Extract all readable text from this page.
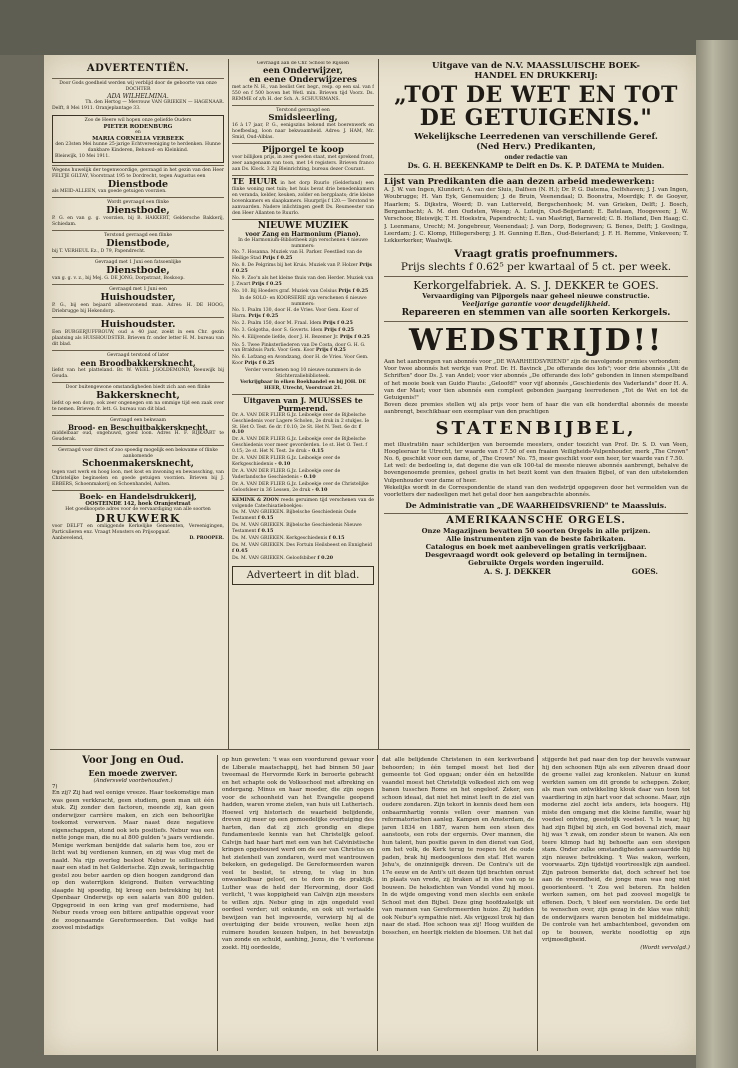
ADVERTENTIËN.
Door Gods goedheid werden wij verblijd door de geboorte van onze DOCHTER
ADA WILHELMINA.
Th. den Hertog — Mevrouw VAN GRIEKEN — HAGENAAR.
Delft, 8 Mei 1911. Oranjeplantage 33.
Zoo de Heere wil hopen onze geliefde Ouders
PIETER RODENBURG
en
MARIA CORNELIA VERBEEK
den 23sten Mei hunne 25-jarige Echtvereeniging te herdenken. Hunne dankbare Kinderen, Behuwd- en Kleinkind.
Bleiswijk, 10 Mei 1911.
Wegens huwelijk der tegenwoordige, gevraagd in het gezin van den Heer FELTJE GILTAY, Voorstraat 195 te Dordrecht, tegen Augustus een
Dienstbode
als MEID-ALLEEN, van goede getuigen voorzien.
Wordt gevraagd een flinke
Dienstbode,
P. G. en van g. g. voorzien, bij B. HAKKERT, Geldersche Bakkerij, Schiedam.
Terstond gevraagd een flinke
Dienstbode,
bij T. VERHEUL Ez., D 79, Papendrecht.
Gevraagd met 1 Juni een fatsoenlijke
Dienstbode,
van g. g. v. z., bij Mej. G. DE JONG, Dorpstraat, Boskoop.
Gevraagd met 1 Juni een
Huishoudster,
P. G., bij een bejaard alleenwonend man. Adres: H. DE HOOG, Driebrugge bij Hekendorp.
Huishoudster.
Een BURGERJUFFROUW, oud ± 40 jaar, zoekt in een Chr. gezin plaatsing als HUISHOUDSTER. Brieven fr. onder letter H. M. bureau van dit blad.
Gevraagd terstond of later
een Broodbakkersknecht,
liefst van het platteland. Br. W. WEEL J.GOLDEMOND, Reeuwijk bij Gouda.
Door buitengewone omstandigheden biedt zich aan een flinke
Bakkersknecht,
liefst op een dorp, ook zeer ongenegen om na ommige tijd een zaak over te nemen. Brieven fr. lett. G. bureau van dit blad.
Gevraagd een bekwaam
Brood- en Beschuitbakkersknecht,
middelbaar oud, ongehuwd, goed loon. Adres H. F. RIJKAART te Gouderak.
Gevraagd voor direct of zoo spoedig mogelijk een bekwame of flinke aankomende
Schoenmakersknecht,
tegen vast werk en hoog loon, met kost en inwoning en bewassching, van Christelijke beginselen en goede getuigen voorzien. Brieven bij J. EBBERS, Schoenmakerij en Schoenhandel, Aalten.
Boek- en Handelsdrukkerij,
OOSTEINDE 142, hoek Oranjestraat
Het goedkoopste adres voor de vervaardiging van alle soorten
DRUKWERK
voor DELFT en omliggende Kerkelijke Gemeenten, Vereenigingen, Particulieren enz. Vraagt Monsters en Prijsopgaaf.
Aanbevelend,	D. PROOPER.
Gevraagd aan de Chr. School te Rijssen
een Onderwijzer,
en eene Onderwijzeres
met acte N. H., van beslist Ger. begr., resp. op een sal. van f 550 en f 500 boven het Wetl. min. Brieven tijd Voorz. Ds. REMME of z/h H. der Sch. A. SCHUURMANS.
Terstond gevraagd een
Smidsleerling,
16 à 17 jaar, P. G., eenigszins bekend met boerenwerk en hoefbeslag, loon naar bekwaamheid. Adres: J. HAM, Mr. Smid, Oud-Alblas.
Pijporgel te koop
voor billijken prijs, in zeer goeden staat, met sprekend front, zeer aangenaam van toon, met 14 registers. Brieven franco aan Ds. Klock. 3 Zij Bleinrichting, bureau dezer Courant.
TE HUUR in het dorp Ruurlo (Gelderland) een flinke woning met tuin; het huis bevat drie benedenkamers en veranda, kelder, keuken, zolder en bergplaats; drie kleine bovenkamers en slaapkamers. Huurprijs f 120.— Terstond te aanvaarden. Nadere inlichtingen geeft Ds. Reumeester van den Heer Allanten te Ruurlo.
NIEUWE MUZIEK
voor Zang en Harmonium (Piano).
In de Harmonium-Bibliotheek zijn verschenen 4 nieuwe nummers:
No. 7. Hosanna. Muziek van H. Parker. Feestlied van de Heilige Stad Prijs f 0.25
No. 8. De Pelgrims bij het Kruis. Muziek van P. Holzer Prijs f 0.25
No. 9. Zoo'n als het kleine thuis van den Herder. Muziek van J. Zwart Prijs f 0.25
No. 10. Bij Hoeders graf. Muziek van Celsius Prijs f 0.25
In de SOLO- en KOORSERIE zijn verschenen 6 nieuwe nummers:
No. 1. Psalm 130, door H. de Vries. Voor Gem. Koor of Harm. Prijs f 0.25
No. 2. Psalm 150, door M. Fraal. Idem Prijs f 0.25
No. 3. Golgotha, door S. Goverts. Idem Prijs f 0.25
No. 4. Eilijvende liefde, door J. H. Bezemer Jr. Prijs f 0.25
No. 5. Twee Pinksterliederen van De Costa, door G. H. G. van Brakhuis Park. Voor Gem. Koor Prijs f 0.25
No. 6. Lofzang en Avondzang, door H. de Vries. Voor Gem. Koor Prijs f 0.25
Verder verschenen nog 10 nieuwe nummers in de Stichterzaliebiblioteek.
Verkrijgbaar in elken Boekhandel en bij JOH. DE HEER, Utrecht, Voorstraat 21.
Uitgaven van J. MUUSSES te Purmerend.
Dr. A. VAN DER FLIER G.Jz. Leiboekje over de Bijbelsche Geschiedenis voor Lagere Scholen, 2e druk in 2 stukjes. Ie St. Het O. Test. 6e dr. f 0.10; 2e St. Het N. Test. 6e dr. f 0.10
Dr. A. VAN DER FLIER G.Jz. Leiboekje over de Bijbelsche Geschiedenis voor meer gevorderden. 1e st. Het O. Test. f 0.15; 2e st. Het N. Test. 2e druk - 0.15
Dr. A. VAN DER FLIER G.Jz. Leiboekje over de Kerkgeschiedenis - 0.10
Dr. A. VAN DER FLIER G.Jz. Leiboekje over de Vaderlandsche Geschiedenis - 0.10
Dr. A. VAN DER FLIER G.Jz. Leiboekje over de Christelijke Geloofsleer in 36 Lessen, 2e druk - 0.10
KEMINK & ZOON reeds geruimen tijd verschenen van de volgende Catechisatieboekjes:
Ds. M. VAN GRIEKEN. Bijbelsche Geschiedenis Oude Testament f 0.15
Ds. M. VAN GRIEKEN. Bijbelsche Geschiedenis Nieuwe Testament f 0.15
Ds. M. VAN GRIEKEN. Kerkgeschiedenis f 0.15
Ds. M. VAN GRIEKEN. Des Fortuin Heilsbeest en Ennigheid f 0.45
Ds. M. VAN GRIEKEN. Geloofsbiber f 0.20
Adverteert in dit blad.
Uitgave van de N.V. MAASSLUISCHE BOEK-
HANDEL EN DRUKKERIJ:
„TOT DE WET EN TOT
DE GETUIGENIS."
Wekelijksche Leerredenen van verschillende Geref.
(Ned Herv.) Predikanten,
onder redactie van
Ds. G. H. BEEKENKAMP te Delft en Ds. K. P. DATEMA te Muiden.
Lijst van Predikanten die aan dezen arbeid medewerken:
A. J. W. van Ingen, Klundert; A. van der Sluis, Dalfsen (N. H.); Dr. P. G. Datema, Delfshaven; J. J. van Ingen, Woubrugge; H. Van Eyk, Genemuiden; J. de Bruin, Veenendaal; D. Boonstra, Moerdijk; F. de Gooyer, Haarlem; S. Dijkstra, Woerd; D. van Lutterveld, Bergschenhoek; M. van Grieken, Delft; J. Bosch, Bergambacht; A. M. den Oudsten, Weesp; A. Luteijn, Oud-Beijerland; E. Batelaan, Hoogeveen; J. W. Verschoor, Bleiswijk; T. H. Hoekstra, Papendrecht; L. van Mastrigt, Barneveld; C. B. Holland, Den Haag; C. J. Leenmans, Urecht; M. Jongebreur, Veenendaal; J. van Dorp, Bodegraven; G. Benes, Delft; J. Goslinga, Leerdam; J. C. Klomp, Hillegersberg; J. H. Gunning E.Bzn., Oud-Beierland; J. F. H. Remme, Vinkeveen; T. Lekkerkerker, Waalwijk.
Vraagt gratis proefnummers.
Prijs slechts f 0.62⁵ per kwartaal of 5 ct. per week.
Kerkorgelfabriek. A. S. J. DEKKER te GOES.
Vervaardiging van Pijporgels naar geheel nieuwe constructie.
Veeljarige garantie voor deugdelijkheid.
Repareeren en stemmen van alle soorten Kerkorgels.
WEDSTRIJD!!
Aan het aanbrengen van abonnés voor „DE WAARHEIDSVRIEND" zijn de navolgende premies verbonden:
Voor twee abonnés het werkje van Prof. Dr. H. Bavinck „De offerande des lofs"; voor drie abonnés „Uit de Schriften" door Ds. J. van Andel; voor vier abonnés „De offerande des lofs" gebonden in linnen stempelband of het mooie boek van Guido Fiauts: „Geloofd!" voor vijf abonnés „Geschiedenis des Vaderlands" door H. A. van der Mast; voor tien abonnés een compleet gebonden jaargang leerredenen „Tot de Wet en tot de Getuigenis!"
Boven deze premies stellen wij als prijs voor hem of haar die van elk honderdtal abonnés de meeste aanbrengt, beschikbaar een exemplaar van den prachtigen
STATENBIJBEL,
met illustratiën naar schilderijen van beroemde meesters, onder toezicht van Prof. Dr. S. D. van Veen, Hoogleeraar te Utrecht, ter waarde van f 7.50 of een fraaien Veiligheids-Vulpenhouder, merk „The Crown" No. 6, geschikt voor een dame, of „The Crown" No. 75, meer geschikt voor een heer, ter waarde van f 7.50.
Let wel: de bedoeling is, dat degene die van elk 100-tal de meeste nieuwe abonnés aanbrengt, behalve de bovengenoemde premies, geheel gratis in het bezit komt van den fraaien Bijbel, of van den uitstekenden Vulpenhouder voor dame of heer.
Wekelijks wordt in de Correspondentie de stand van den wedstrijd opgegeven door het vermelden van de voorletters der nadeeligen met het getal door hen aangebrachte abonnés.
De Administratie van „DE WAARHEIDSVRIEND" te Maassluis.
AMERIKAANSCHE ORGELS.
Onze Magazijnen bevatten 50 soorten Orgels in alle prijzen.
Alle instrumenten zijn van de beste fabrikaten.
Catalogus en boek met aanbevelingen gratis verkrijgbaar.
Desgevraagd wordt ook geleverd op betaling in termijnen.
Gebruikte Orgels worden ingeruild.
A. S. J. DEKKER	GOES.
Voor Jong en Oud.
Een moede zwerver.
(Andersveld voorbehouden.)
7)
En zij? Zij had wel eenige vreeze. Haar toekomstige man was geen verkkracht, geen studiem, geen man uit één stuk. Zij zonder den factoren, meende zij, kan geen onderwijzer carrière maken, en zich een behoorlijke toekomst verwerven. Maar naast deze negatieve eigenschappen, stond ook iets positiefs. Nebur was een nette jonge man, die nu al 800 gulden 's jaars verdiende. Menige werkman benijdde dat salaris hem toe, zou er licht wat bij verdienen kunnen, en zij was vlug met de naald. Na rijp overleg besloot Nebur te solliciteeren naar een stad in het Gelderische. Zijn zwak, teringachtig gestel zou beter aarden op dien hoogen zandgrond dan op den waterrijken kleigrond. Buiten verwachting slaagde hij spoedig, bij kreeg een betrekking bij het Openbaar Onderwijs op een salaris van 800 gulden. Opgegroeid in een kring van gref modernisme, had Nebur reeds vroeg een bittere antipathie opgevat voor de zoogenaamde Gereformeerden. Dat volkje had zooveel misdadigs
op hun geweten: 't was een voordurend gevaar voor de Liberale maatschappij, het had binnen 50 jaar tweemaal de Hervormde Kerk in beroerte gebracht en het schapte ook de Volksschool met afbreking en ondergang. Minus en haar moeder, die zijn oogen voor de schoonheid van het Evangelie geopend hadden, waren vrome zielen, van huis uit Lutherisch. Hoewel vrij historisch de waarheid belijdende, dreven zij meer op een gemoedelijke overtuiging des harten, dan dat zij zich grondig en diepe fundamenteele kennis van het Christelijk geloof. Calvijn had haar hart met een van het Calvinistische kringen opgebouwd werd om de eer van Christus en het zielenheil van zondaren, werd met wantrouwen bekeken, en gedegeligd. De Gereformeerden waren veel te beslist, te streng, te vlag in hun onwankelbaar geloof, en te dom in de praktijk. Luther was de held der Hervorming, door God verlicht, 't was koppigheid van Calvijn zijn meesters te willen zijn. Nebur ging in zijn ongeduld veel oordeel verder; uit onkunde, en ook uit vertaalde bewijzen van het ingevoerde, verwierp hij al de overtuiging der beide vrouwen, welke heen zijn ruimere houden keuzen hulpen, in het bewustzijn van zonde en schuld, aanhing, Jezus, die 't verlorene zoekt. Hij oordeelde,
dat alle belijdende Christenen in één kerkverband behoorden; in één tempel moest het lied der gemeente tot God opgaan; onder één en hetzelfde vaandel moest het Christelijk volksdeel zich om weg banen tusschen Rome en het ongeloof. Zeker, een schoon ideaal, dat niet het minst leeft in de ziel van oudere zondaren. Zijn tekort in kennis deed hem een onbaarmhartig vonnis vellen over mannen van reformatorischen aanleg. Kampen en Amsterdam, de jaren 1834 en 1887, waren hem een steen des aanstoots, een rots der ergernis. Over mannen, die hun talent, hun positie gaven in den dienst van God, om het volk, de Kerk terug te roepen tot de oude paden, brak hij medoogenloos den staf. Het waren Jehu's, de onzinnigeijk dreven. De Contra's uit de 17e eeuw en de Anti's uit dezen tijd brachten onrust in plaats van vrede, zij braken af in stee van op te bouwen. De heksdichten van Vondel vond hij mooi. In de wijde omgeving vond men slechts een enkele School met den Bijbel. Deze ging hoofdzakelijk uit van mannen van Gereformeerden huize. Zij hadden ook Nebur's sympathie niet. Als vrijgezel trok hij dan naar de stad. Hoe schoon was zij! Hoog wuifden de bosschen, en heerlijk riekten de bloemen. Uit het dal
stijgerde het pad naar den top der heuvels vanwaar hij den schoonen Rijn als een zilveren draad door de groene vallei zag kronkelen. Natuur en kunst werkten samen om dit gronde te scheppen. Zeker, als man van ontwikkeling klouk daar van toen tot vaardiering in zijn hart voor dat schoone. Maar, zijn moderne ziel zocht iets anders, iets hoogers. Hij miste den omgang met die kleine familie, waar hij voedsel ontving, geestelijk voedsel. 't Is waar, hij had zijn Bijbel bij zich, en God bovenal zich, maar hij was 't zwak, om zonder steun te wanen. Als een teere klimop had hij behoefte aan een stevigen stam. Onder zulke omstandigheden aanvaardde hij zijn nieuwe betrekking. 't Was wakon, werken, voorwaarts. Zijn tijdstijd voortreeslijk zijn aandeel. Zijn patroon bemerkte dat, doch schreef het toe aan de vreemdheid, de jonge man was nog niet geoorienteerd. 't Zou wel beteren. En helden werken samen, om het pad zooveel mogelijk te effenen. Doch, 't bleef een worstelen. De orde liet te wenschen over, zijn gezag in de klas was nihil; de onderwijzers waren benoten hel middelmatige. De controle van het ambachtenboel, gevonden om op te bouwen, werkte noodlottig op zijn vrijmoedigheid.
(Wordt vervolgd.)
